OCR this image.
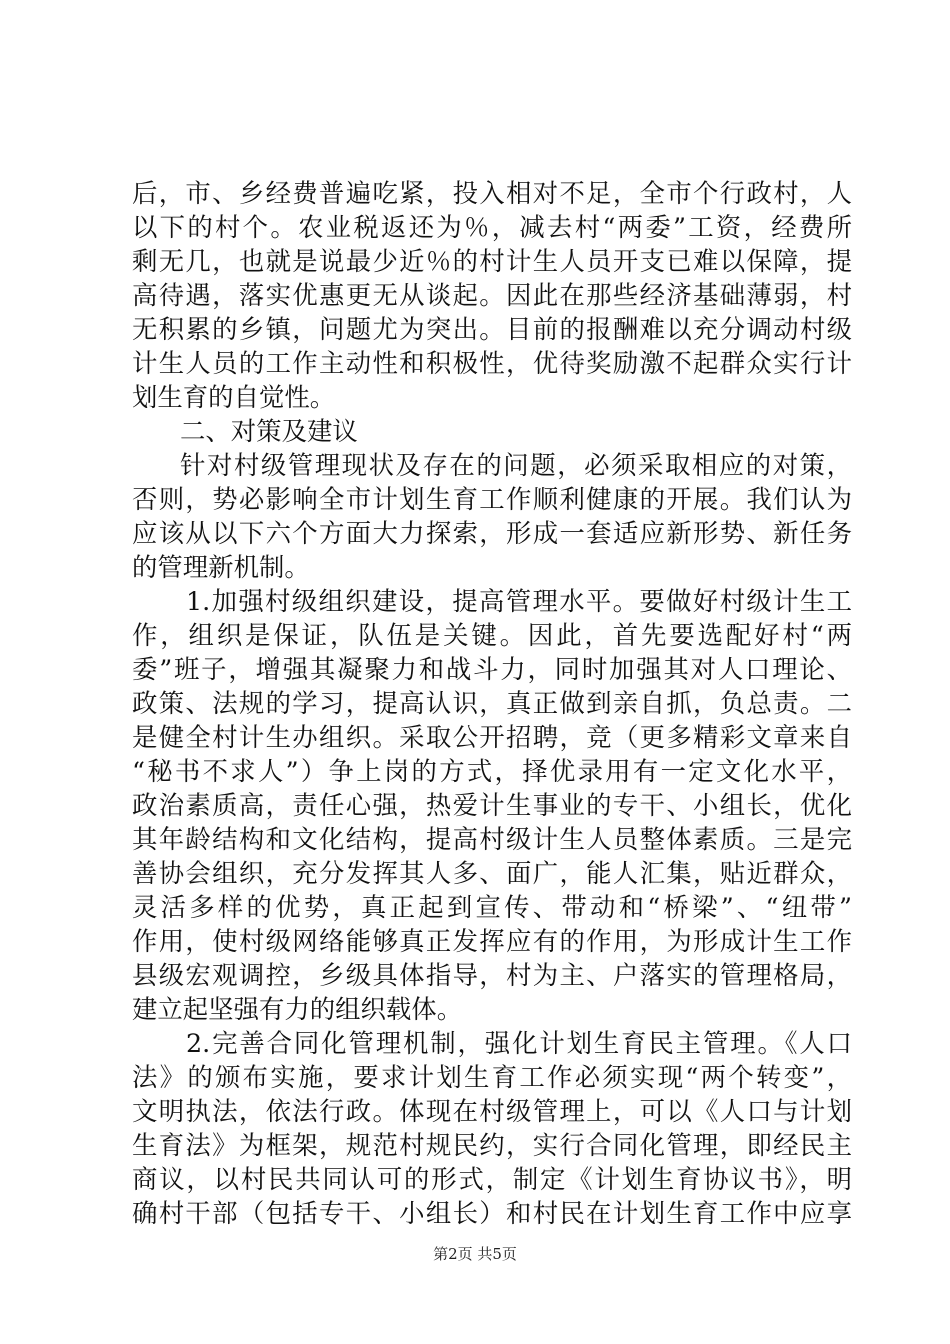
后，市、乡经费普遍吃紧，投入相对不足，全市个行政村，人
以下的村个。农业税返还为％，减去村“两委”工资，经费所
剩无几，也就是说最少近％的村计生人员开支已难以保障，提
高待遇，落实优惠更无从谈起。因此在那些经济基础薄弱，村
无积累的乡镇，问题尤为突出。目前的报酬难以充分调动村级
计生人员的工作主动性和积极性，优待奖励激不起群众实行计
划生育的自觉性。
二、对策及建议
针对村级管理现状及存在的问题，必须采取相应的对策，
否则，势必影响全市计划生育工作顺利健康的开展。我们认为
应该从以下六个方面大力探索，形成一套适应新形势、新任务
的管理新机制。
1.加强村级组织建设，提高管理水平。要做好村级计生工
作，组织是保证，队伍是关键。因此，首先要选配好村“两
委”班子，增强其凝聚力和战斗力，同时加强其对人口理论、
政策、法规的学习，提高认识，真正做到亲自抓，负总责。二
是健全村计生办组织。采取公开招聘，竞（更多精彩文章来自
“秘书不求人”）争上岗的方式，择优录用有一定文化水平，
政治素质高，责任心强，热爱计生事业的专干、小组长，优化
其年龄结构和文化结构，提高村级计生人员整体素质。三是完
善协会组织，充分发挥其人多、面广，能人汇集，贴近群众，
灵活多样的优势，真正起到宣传、带动和“桥梁”、“纽带”
作用，使村级网络能够真正发挥应有的作用，为形成计生工作
县级宏观调控，乡级具体指导，村为主、户落实的管理格局，
建立起坚强有力的组织载体。
2.完善合同化管理机制，强化计划生育民主管理。《人口
法》的颁布实施，要求计划生育工作必须实现“两个转变”，
文明执法，依法行政。体现在村级管理上，可以《人口与计划
生育法》为框架，规范村规民约，实行合同化管理，即经民主
商议，以村民共同认可的形式，制定《计划生育协议书》，明
确村干部（包括专干、小组长）和村民在计划生育工作中应享
第2页 共5页
